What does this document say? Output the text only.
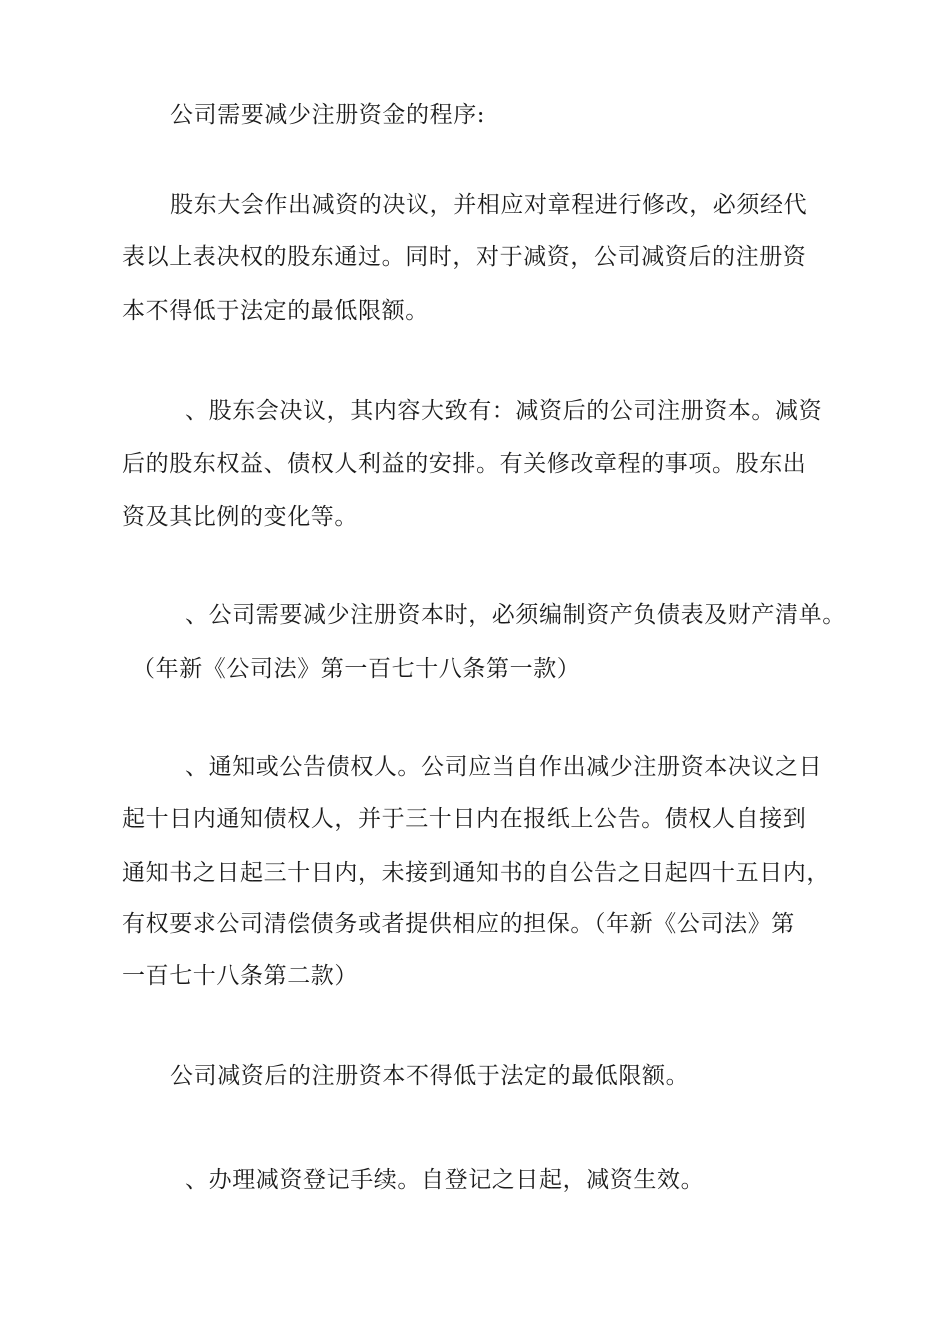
公司需要减少注册资金的程序:
股东大会作出减资的决议，并相应对章程进行修改，必须经代
表以上表决权的股东通过。同时，对于减资，公司减资后的注册资
本不得低于法定的最低限额。
、股东会决议，其内容大致有：减资后的公司注册资本。减资
后的股东权益、债权人利益的安排。有关修改章程的事项。股东出
资及其比例的变化等。
、公司需要减少注册资本时，必须编制资产负债表及财产清单。
（年新《公司法》第一百七十八条第一款）
、通知或公告债权人。公司应当自作出减少注册资本决议之日
起十日内通知债权人，并于三十日内在报纸上公告。债权人自接到
通知书之日起三十日内，未接到通知书的自公告之日起四十五日内，
有权要求公司清偿债务或者提供相应的担保。（年新《公司法》第
一百七十八条第二款）
公司减资后的注册资本不得低于法定的最低限额。
、办理减资登记手续。自登记之日起，减资生效。
